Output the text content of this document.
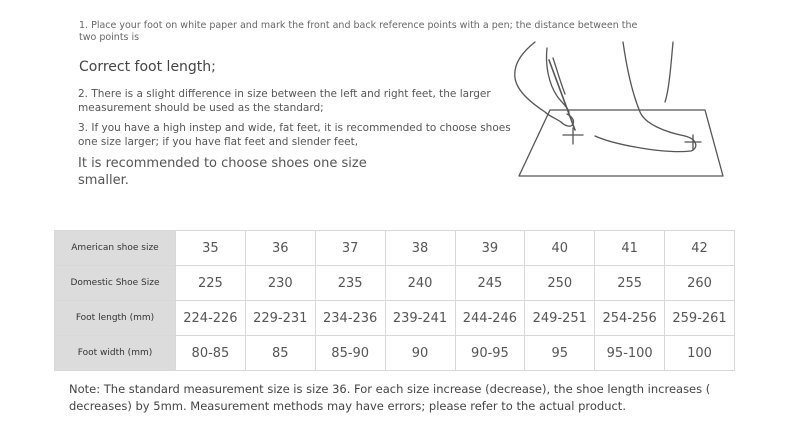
1. Place your foot on white paper and mark the front and back reference points with a pen; the distance between the two points is
Correct foot length;
2. There is a slight difference in size between the left and right feet, the larger measurement should be used as the standard;
3. If you have a high instep and wide, fat feet, it is recommended to choose shoes one size larger; if you have flat feet and slender feet,
It is recommended to choose shoes one size smaller.
American shoe size	35	36	37	38	39	40	41	42
Domestic Shoe Size	225	230	235	240	245	250	255	260
Foot length (mm)	224-226	229-231	234-236	239-241	244-246	249-251	254-256	259-261
Foot width (mm)	80-85	85	85-90	90	90-95	95	95-100	100
Note: The standard measurement size is size 36. For each size increase (decrease), the shoe length increases ( decreases) by 5mm. Measurement methods may have errors; please refer to the actual product.
